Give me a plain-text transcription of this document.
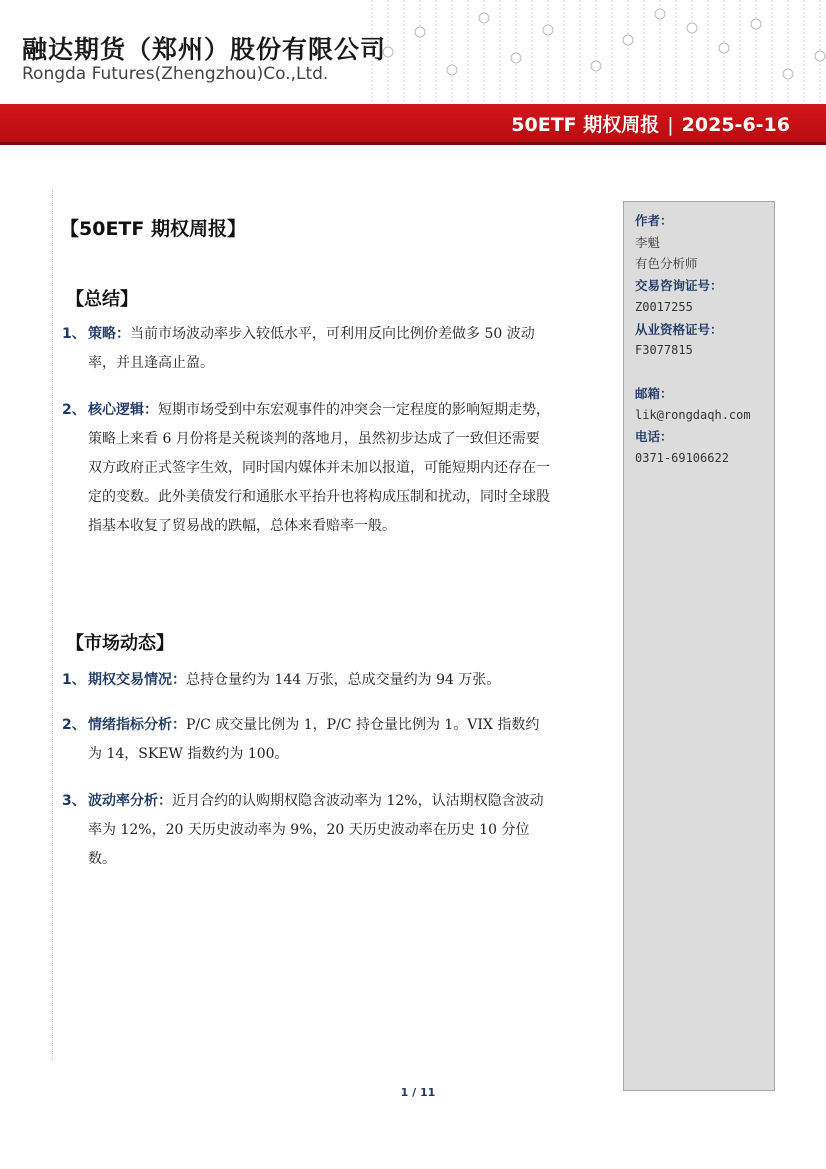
融达期货（郑州）股份有限公司
Rongda Futures(Zhengzhou)Co.,Ltd.
50ETF 期权周报 | 2025-6-16
【50ETF 期权周报】
【总结】
1、 策略：当前市场波动率步入较低水平，可利用反向比例价差做多 50 波动率，并且逢高止盈。
2、 核心逻辑：短期市场受到中东宏观事件的冲突会一定程度的影响短期走势，策略上来看 6 月份将是关税谈判的落地月，虽然初步达成了一致但还需要双方政府正式签字生效，同时国内媒体并未加以报道，可能短期内还存在一定的变数。此外美债发行和通胀水平抬升也将构成压制和扰动，同时全球股指基本收复了贸易战的跌幅，总体来看赔率一般。
【市场动态】
1、 期权交易情况：总持仓量约为 144 万张，总成交量约为 94 万张。
2、 情绪指标分析：P/C 成交量比例为 1，P/C 持仓量比例为 1。VIX 指数约为 14，SKEW 指数约为 100。
3、 波动率分析：近月合约的认购期权隐含波动率为 12%，认沽期权隐含波动率为 12%，20 天历史波动率为 9%，20 天历史波动率在历史 10 分位数。
作者：
李魁
有色分析师
交易咨询证号：
Z0017255
从业资格证号：
F3077815
邮箱：
lik@rongdaqh.com
电话：
0371-69106622
1 / 11
